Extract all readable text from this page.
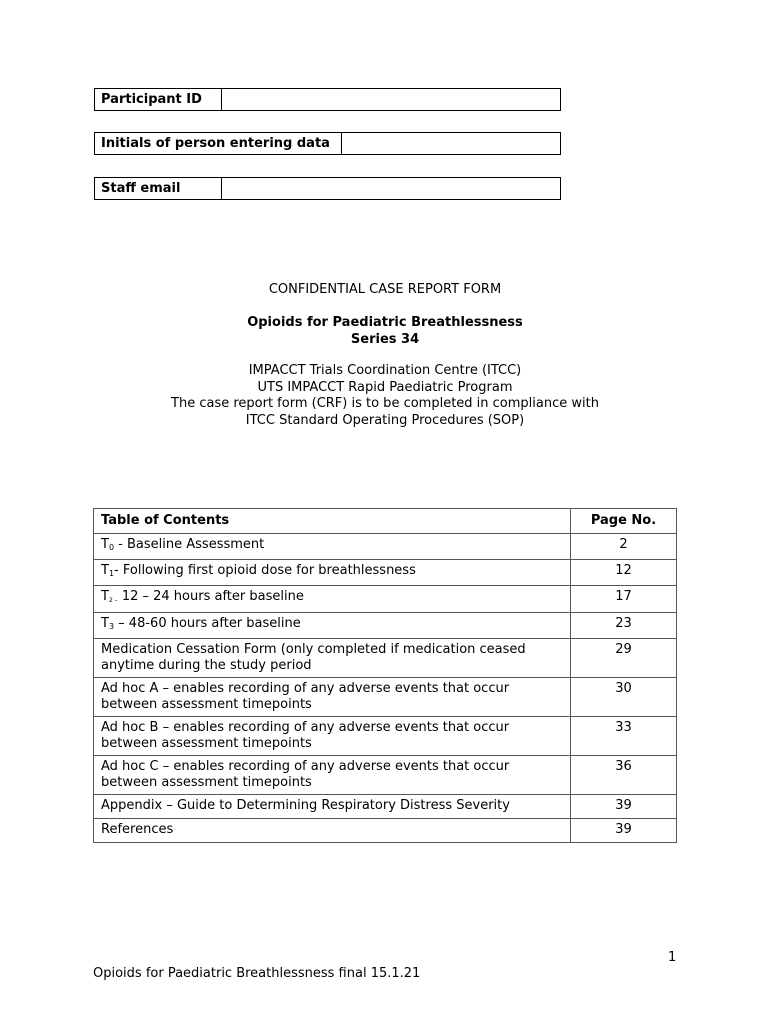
Participant ID
Initials of person entering data
Staff email
CONFIDENTIAL CASE REPORT FORM
Opioids for Paediatric Breathlessness
Series 34
IMPACCT Trials Coordination Centre (ITCC)
UTS IMPACCT Rapid Paediatric Program
The case report form (CRF) is to be completed in compliance with
ITCC Standard Operating Procedures (SOP)
Table of Contents	Page No.
$T_0$ - Baseline Assessment	2
$T_1-$ Following first opioid dose for breathlessness	12
$T_{2 -}$ 12 – 24 hours after baseline	17
$T_3 - 48-60$ hours after baseline	23
Medication Cessation Form (only completed if medication ceased anytime during the study period	29
Ad hoc A – enables recording of any adverse events that occur between assessment timepoints	30
Ad hoc B – enables recording of any adverse events that occur between assessment timepoints	33
Ad hoc C – enables recording of any adverse events that occur between assessment timepoints	36
Appendix – Guide to Determining Respiratory Distress Severity	39
References	39
1
Opioids for Paediatric Breathlessness final 15.1.21
